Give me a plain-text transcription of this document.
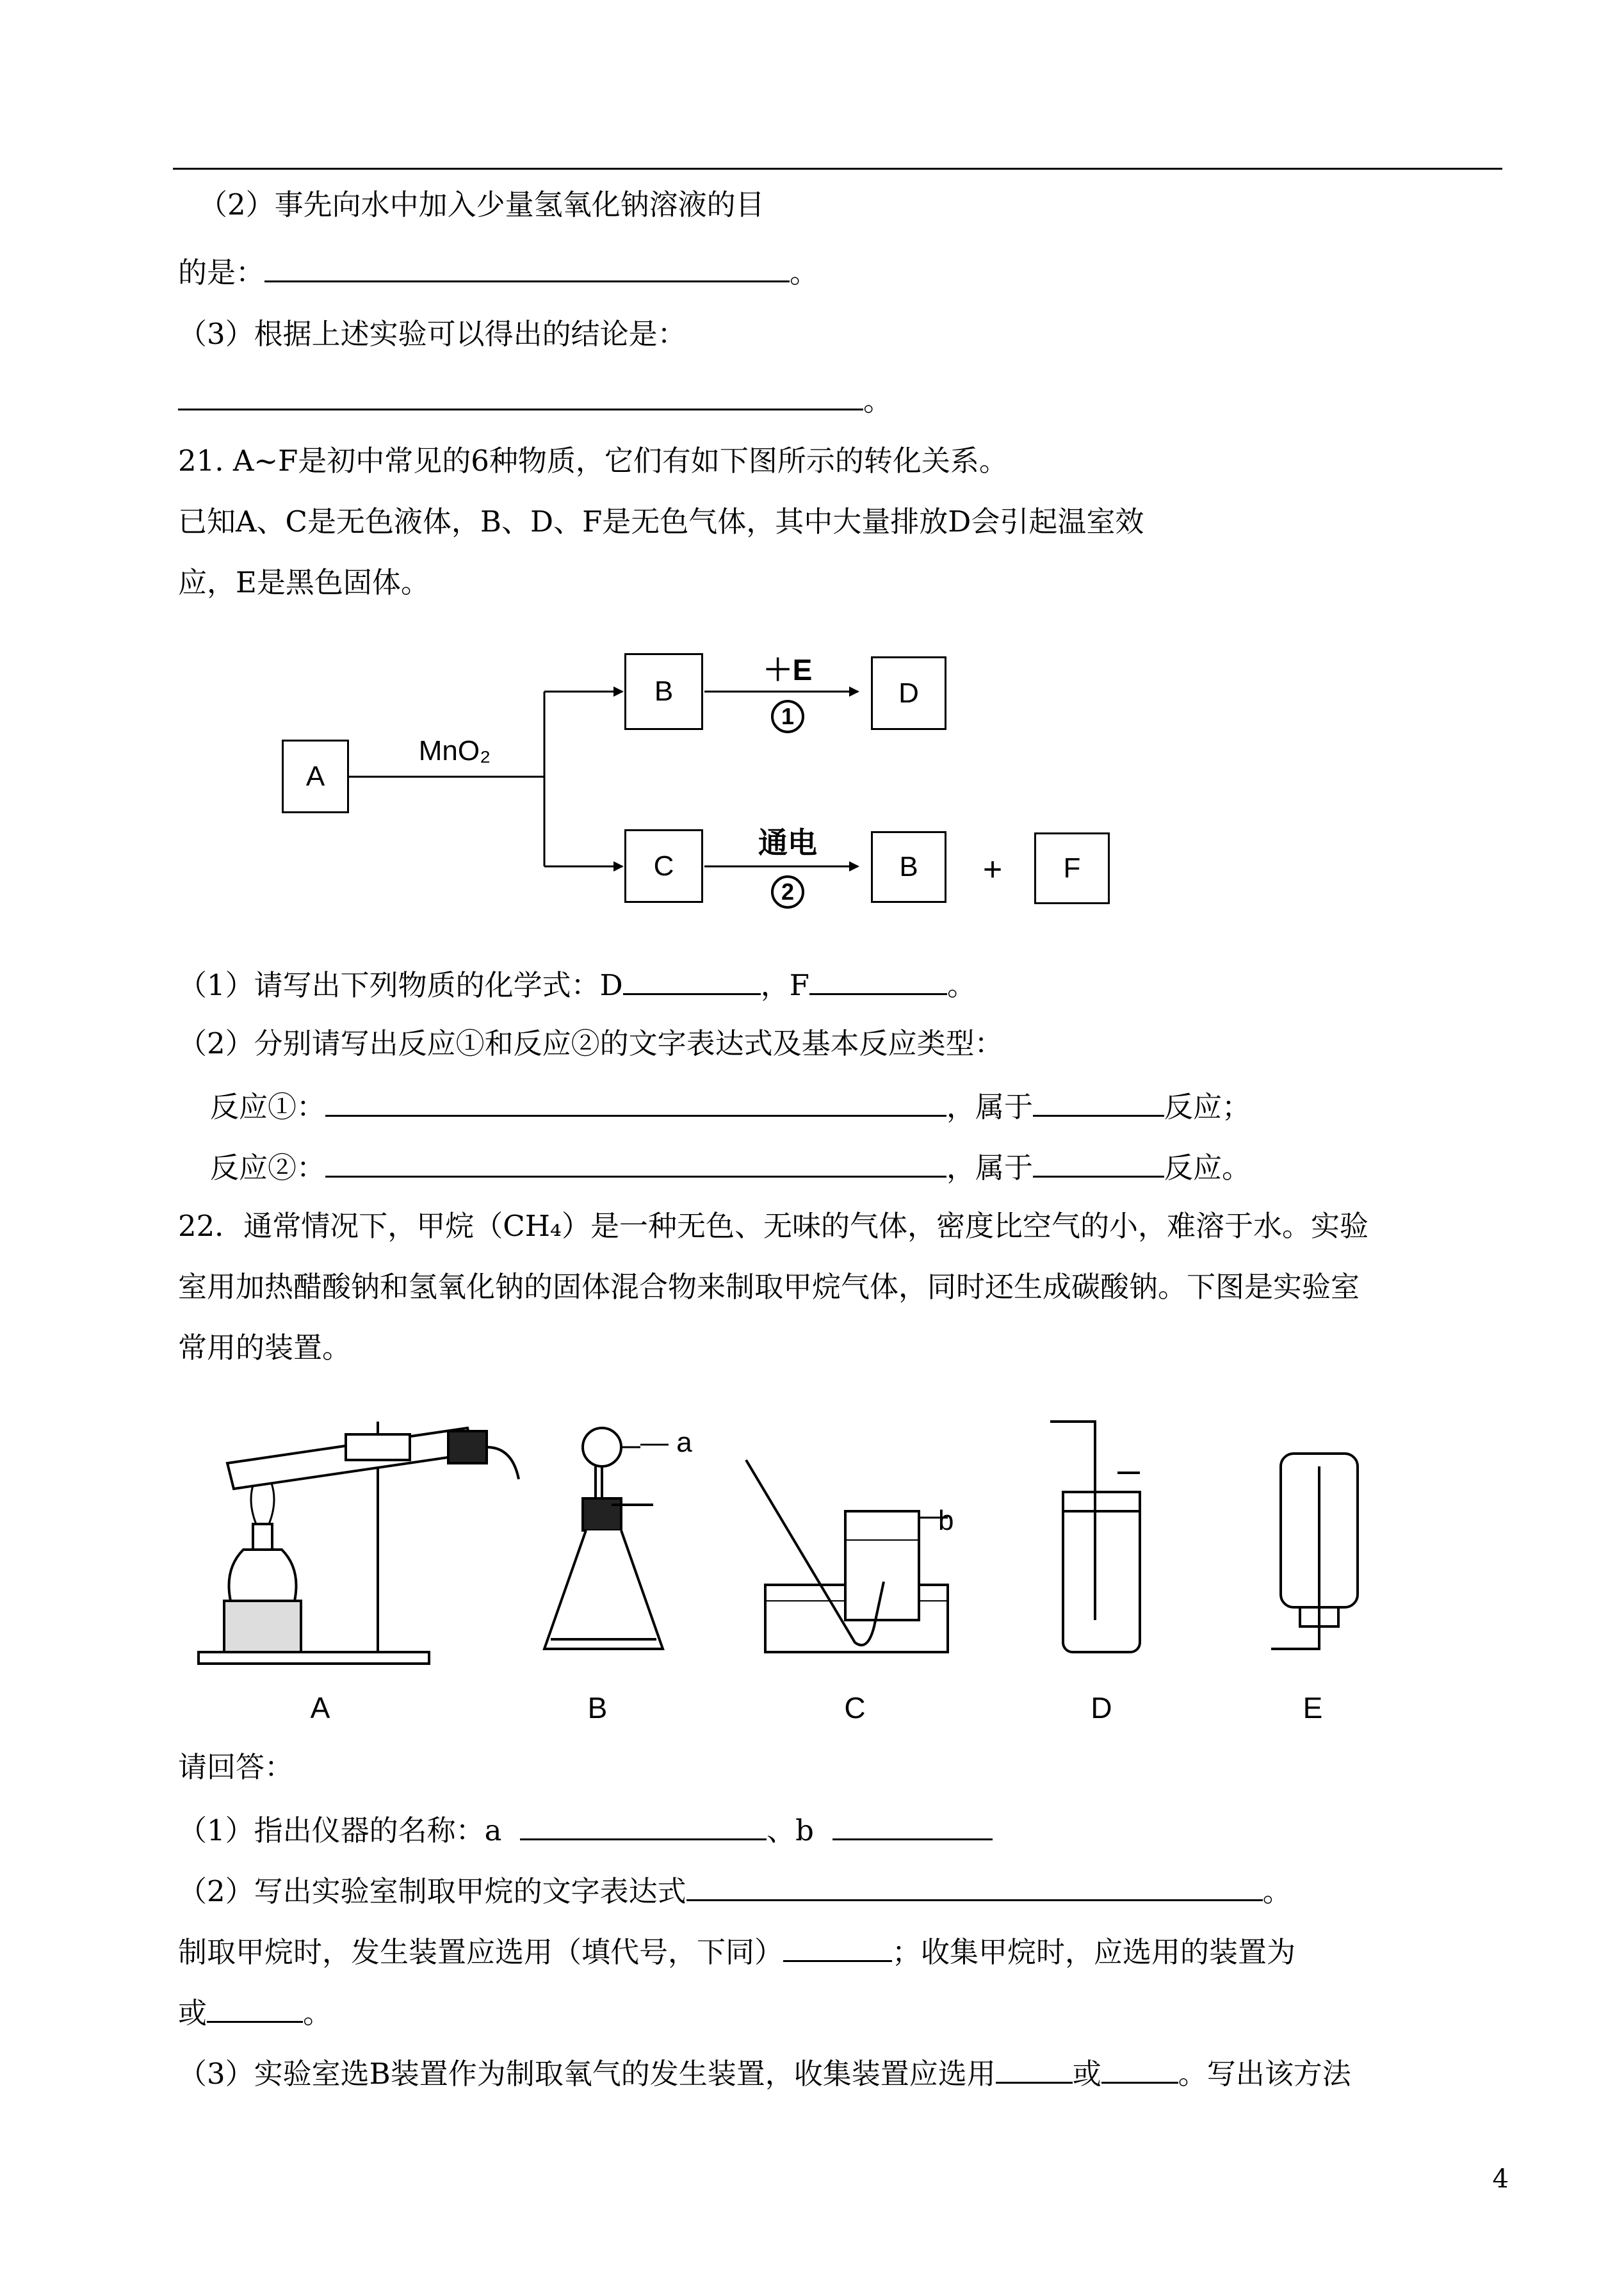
（2）事先向水中加入少量氢氧化钠溶液的目
的是：	。
（3）根据上述实验可以得出的结论是：
。
21. A~F是初中常见的6种物质，它们有如下图所示的转化关系。
已知A、C是无色液体，B、D、F是无色气体，其中大量排放D会引起温室效
应，E是黑色固体。
A
MnO₂
B
＋E
1
D
C
通电
2
B	+	F
（1）请写出下列物质的化学式：D	，F	。
（2）分别请写出反应①和反应②的文字表达式及基本反应类型：
反应①：	，属于	反应；
反应②：	，属于	反应。
22．通常情况下，甲烷（CH₄）是一种无色、无味的气体，密度比空气的小，难溶于水。实验
室用加热醋酸钠和氢氧化钠的固体混合物来制取甲烷气体，同时还生成碳酸钠。下图是实验室
常用的装置。
— a
b
A	B	C	D	E
请回答：
（1）指出仪器的名称：a	、b
（2）写出实验室制取甲烷的文字表达式	。
制取甲烷时，发生装置应选用（填代号，下同）	；收集甲烷时，应选用的装置为
或	。
（3）实验室选B装置作为制取氧气的发生装置，收集装置应选用	或	。写出该方法
4
